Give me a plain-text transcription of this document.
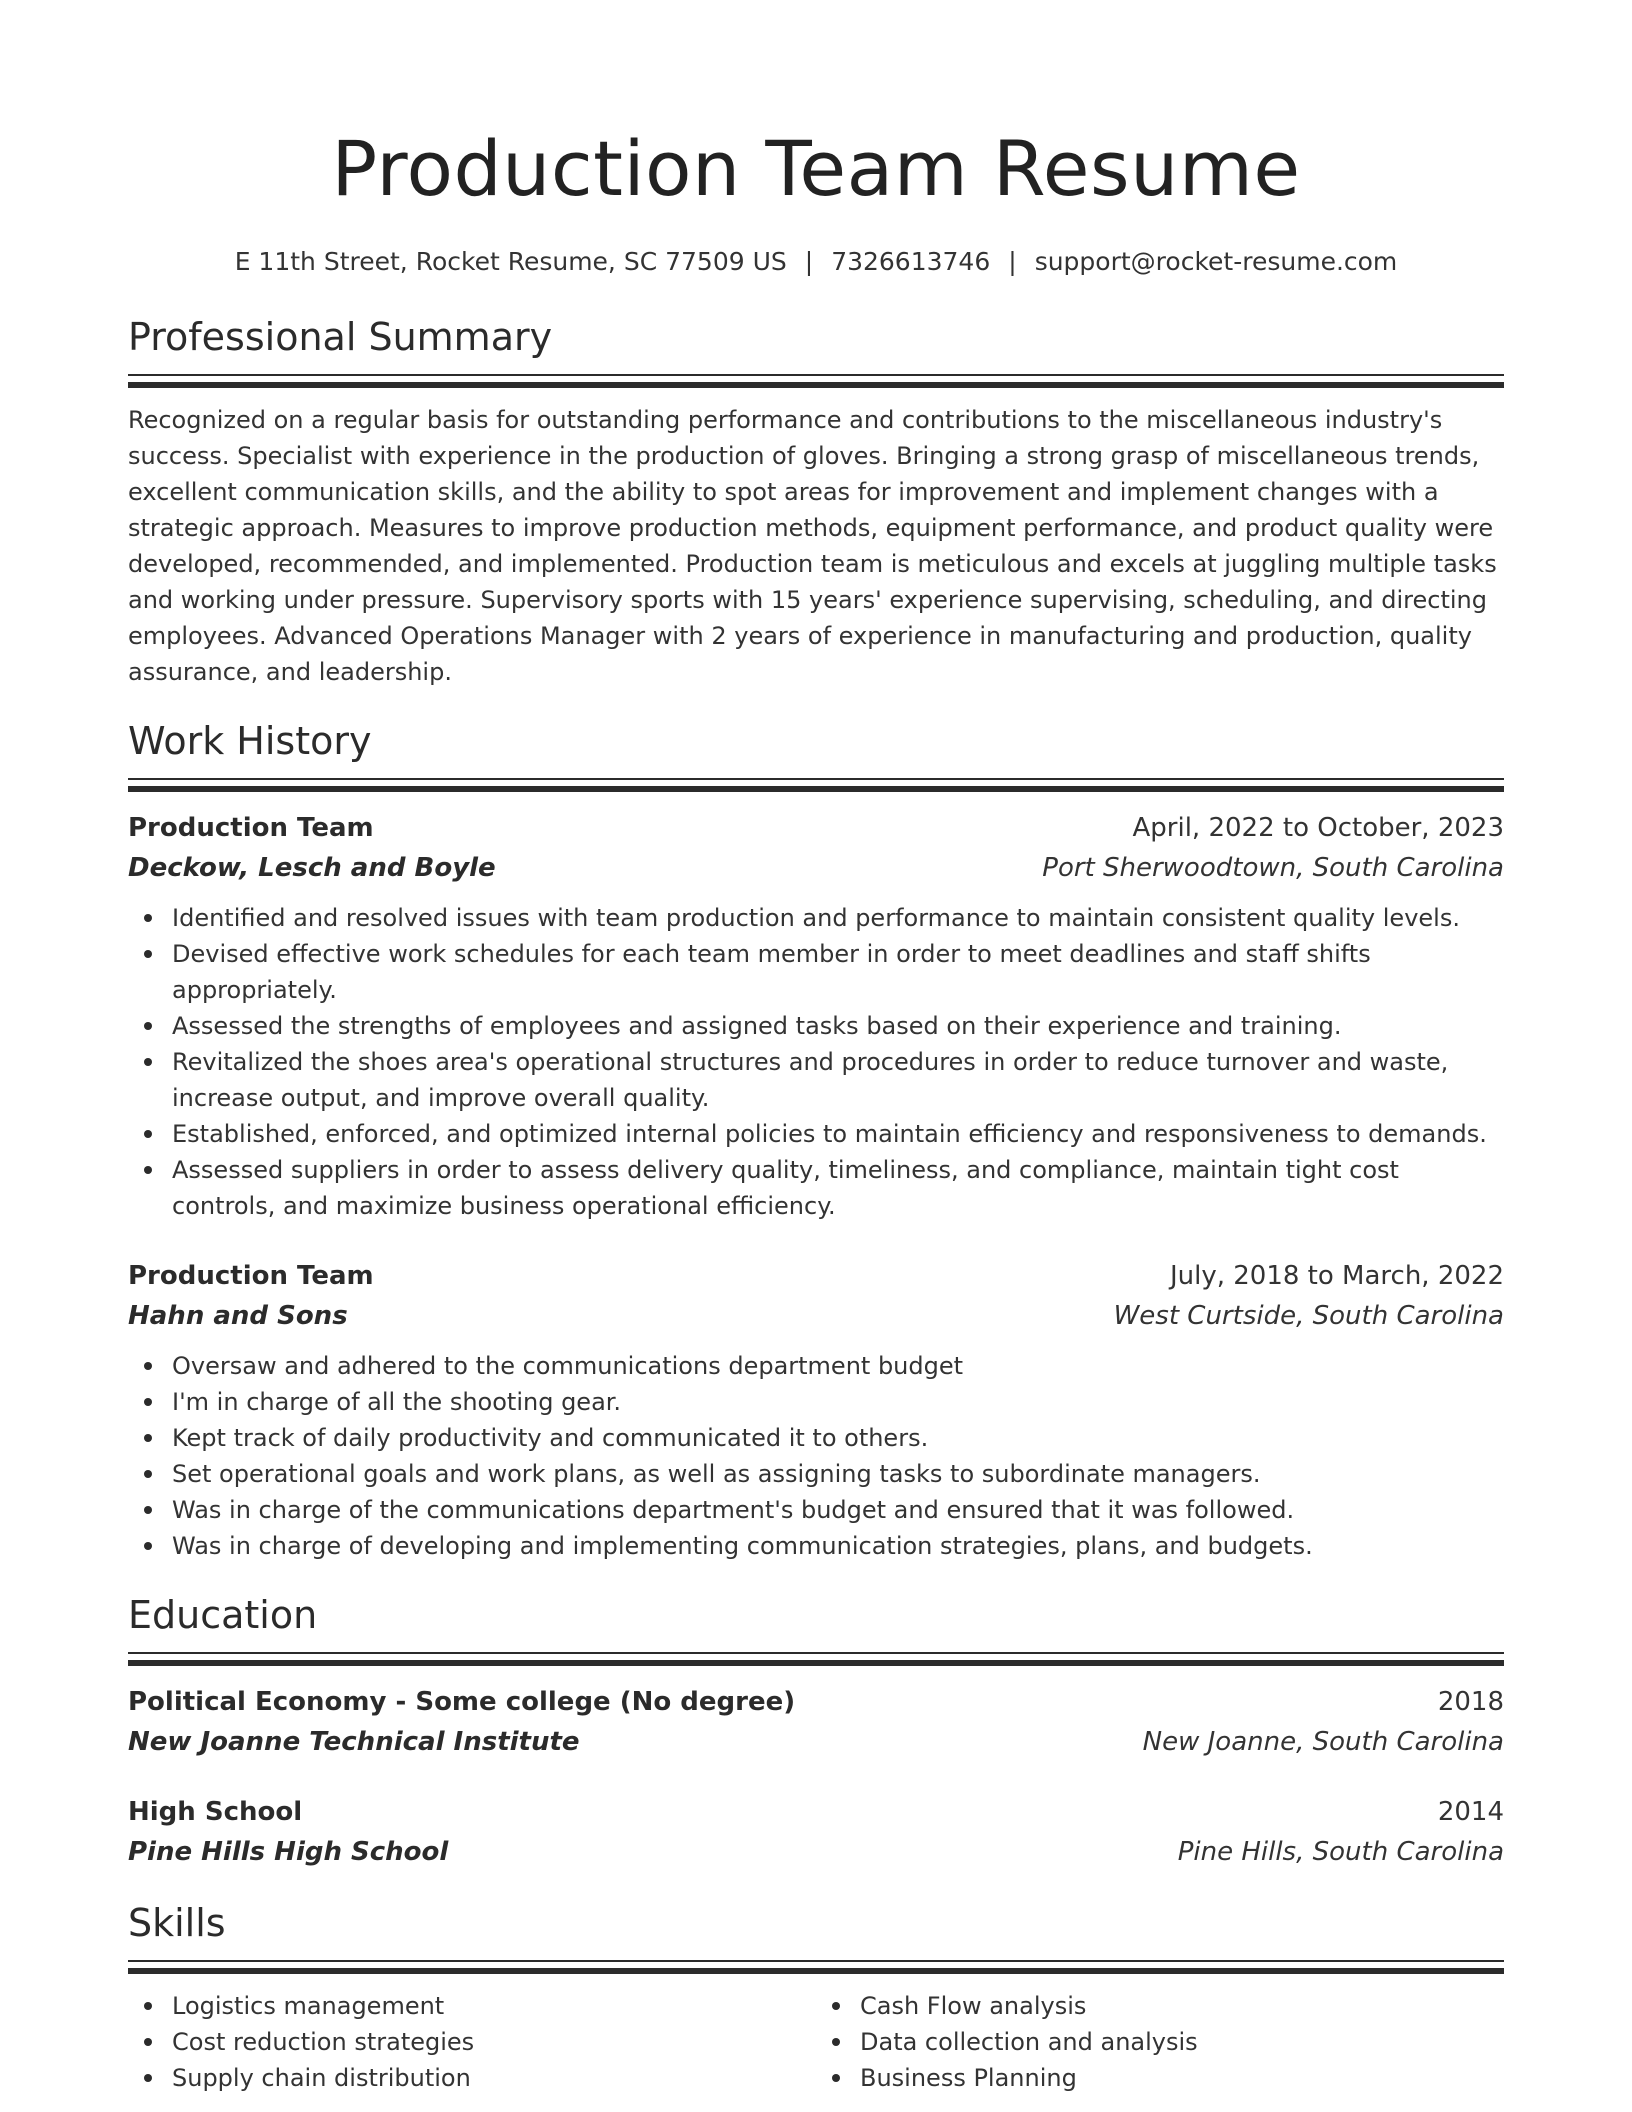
Production Team Resume
E 11th Street, Rocket Resume, SC 77509 US | 7326613746 | support@rocket-resume.com
Professional Summary

Recognized on a regular basis for outstanding performance and contributions to the miscellaneous industry's success. Specialist with experience in the production of gloves. Bringing a strong grasp of miscellaneous trends, excellent communication skills, and the ability to spot areas for improvement and implement changes with a strategic approach. Measures to improve production methods, equipment performance, and product quality were developed, recommended, and implemented. Production team is meticulous and excels at juggling multiple tasks and working under pressure. Supervisory sports with 15 years' experience supervising, scheduling, and directing employees. Advanced Operations Manager with 2 years of experience in manufacturing and production, quality assurance, and leadership.

Work History
Production Team	April, 2022 to October, 2023
Deckow, Lesch and Boyle	Port Sherwoodtown, South Carolina
Identified and resolved issues with team production and performance to maintain consistent quality levels.
Devised effective work schedules for each team member in order to meet deadlines and staff shifts appropriately.
Assessed the strengths of employees and assigned tasks based on their experience and training.
Revitalized the shoes area's operational structures and procedures in order to reduce turnover and waste, increase output, and improve overall quality.
Established, enforced, and optimized internal policies to maintain efficiency and responsiveness to demands.
Assessed suppliers in order to assess delivery quality, timeliness, and compliance, maintain tight cost controls, and maximize business operational efficiency.
Production Team	July, 2018 to March, 2022
Hahn and Sons	West Curtside, South Carolina
Oversaw and adhered to the communications department budget
I'm in charge of all the shooting gear.
Kept track of daily productivity and communicated it to others.
Set operational goals and work plans, as well as assigning tasks to subordinate managers.
Was in charge of the communications department's budget and ensured that it was followed.
Was in charge of developing and implementing communication strategies, plans, and budgets.
Education
Political Economy - Some college (No degree)	2018
New Joanne Technical Institute	New Joanne, South Carolina
High School	2014
Pine Hills High School	Pine Hills, South Carolina
Skills
Logistics management
Cost reduction strategies
Supply chain distribution
Cash Flow analysis
Data collection and analysis
Business Planning
